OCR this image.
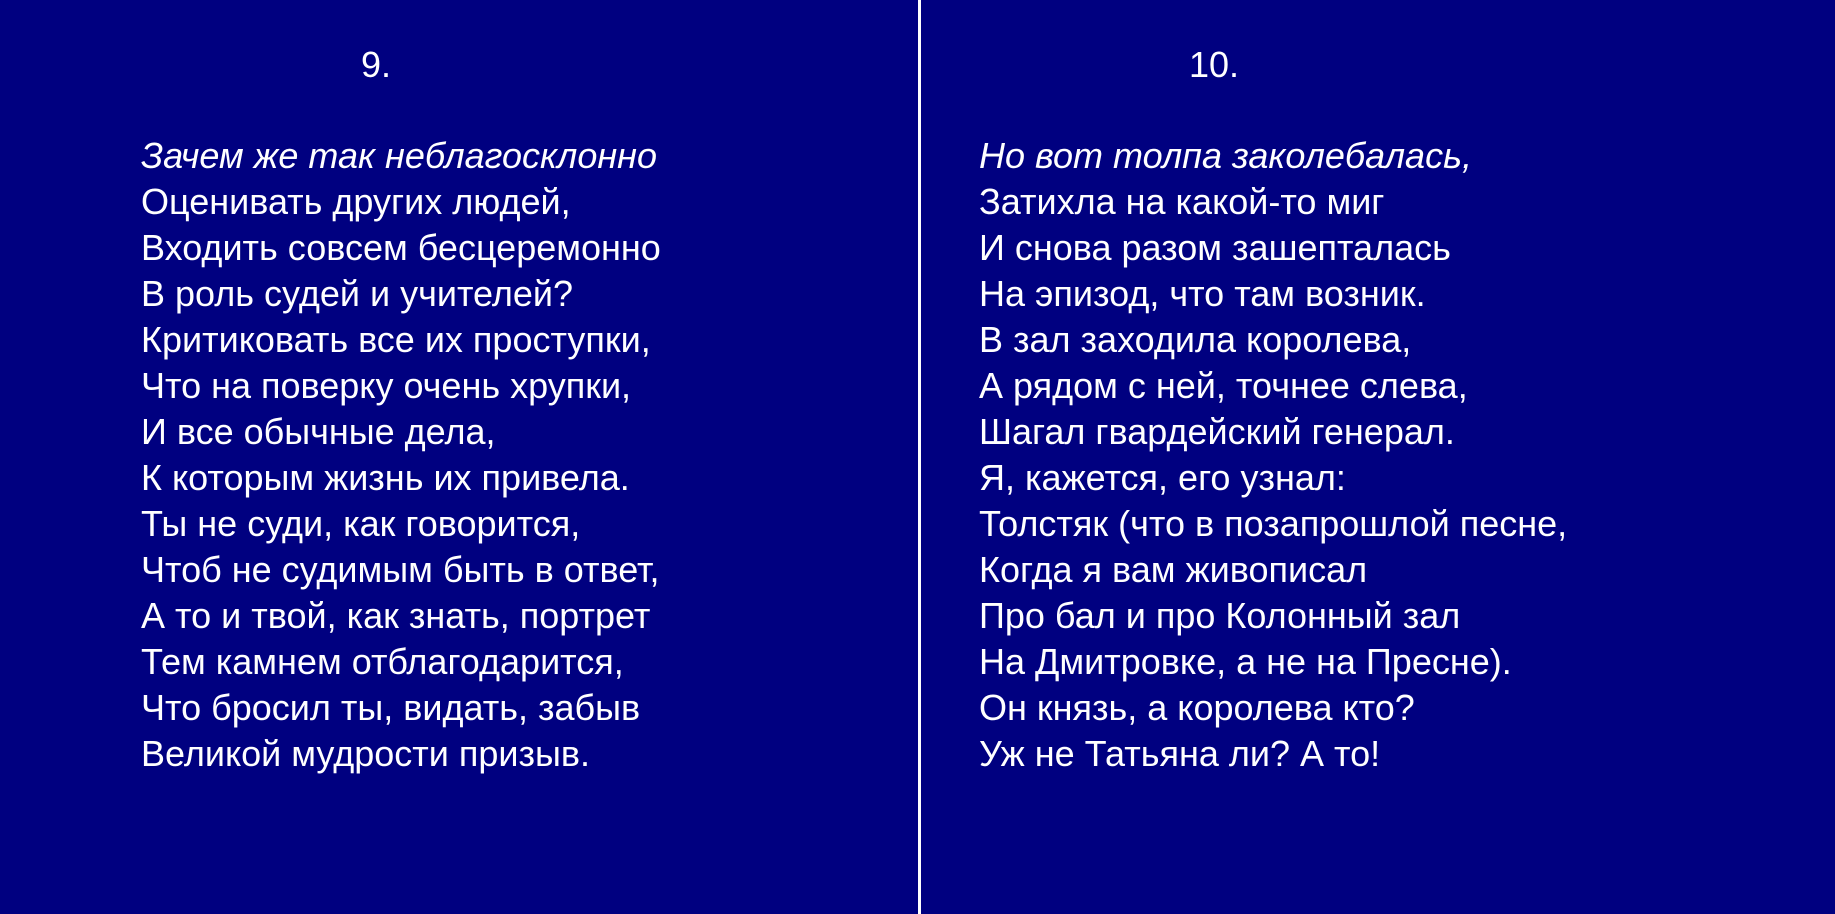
9.
Зачем же так неблагосклонно
Оценивать других людей,
Входить совсем бесцеремонно
В роль судей и учителей?
Критиковать все их проступки,
Что на поверку очень хрупки,
И все обычные дела,
К которым жизнь их привела.
Ты не суди, как говорится,
Чтоб не судимым быть в ответ,
А то и твой, как знать, портрет
Тем камнем отблагодарится,
Что бросил ты, видать, забыв
Великой мудрости призыв.
10.
Но вот толпа заколебалась,
Затихла на какой-то миг
И снова разом зашепталась
На эпизод, что там возник.
В зал заходила королева,
А рядом с ней, точнее слева,
Шагал гвардейский генерал.
Я, кажется, его узнал:
Толстяк (что в позапрошлой песне,
Когда я вам живописал
Про бал и про Колонный зал
На Дмитровке, а не на Пресне).
Он князь, а королева кто?
Уж не Татьяна ли? А то!
